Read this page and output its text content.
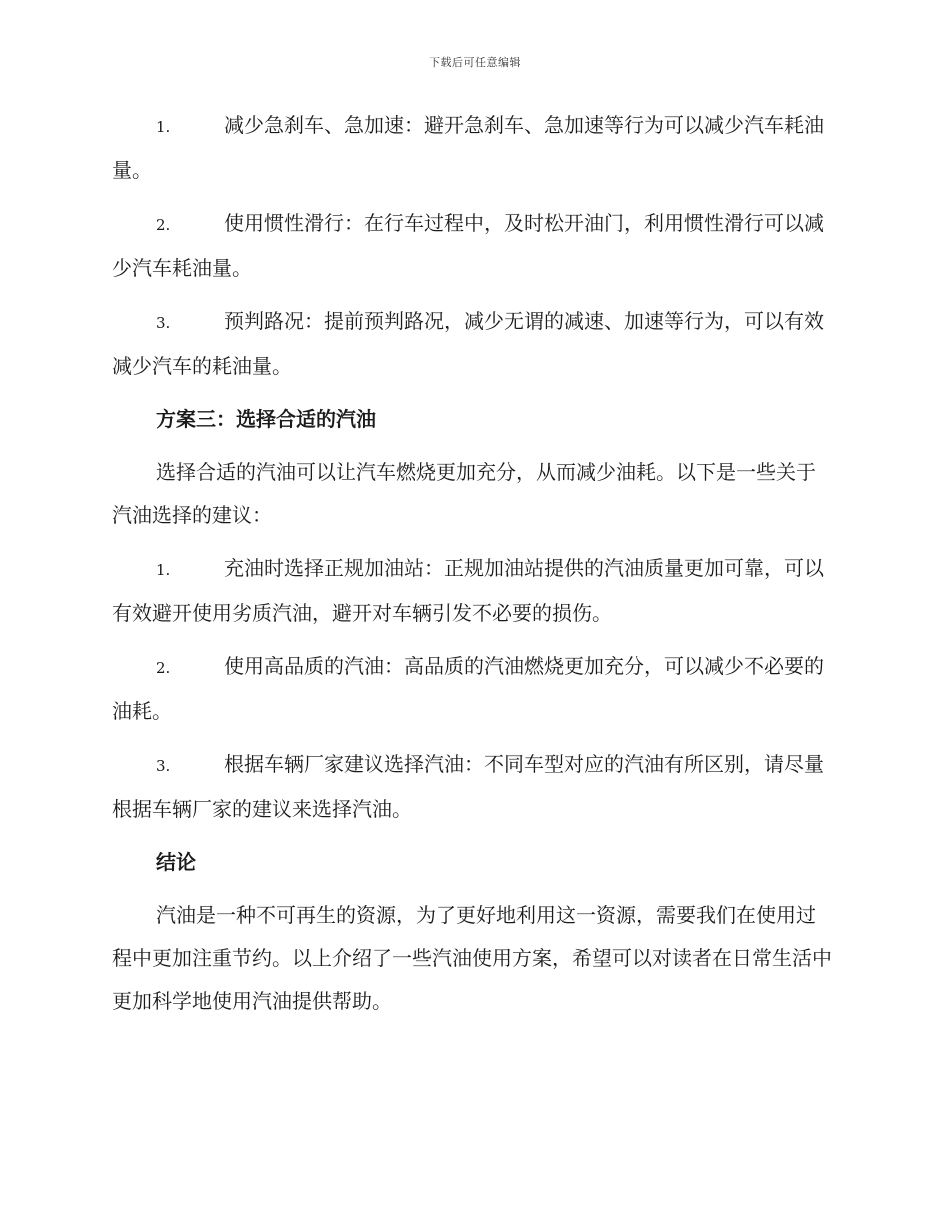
下载后可任意编辑
1.	减少急刹车、急加速：避开急刹车、急加速等行为可以减少汽车耗油量。
2.	使用惯性滑行：在行车过程中，及时松开油门，利用惯性滑行可以减少汽车耗油量。
3.	预判路况：提前预判路况，减少无谓的减速、加速等行为，可以有效减少汽车的耗油量。
方案三：选择合适的汽油
选择合适的汽油可以让汽车燃烧更加充分，从而减少油耗。以下是一些关于汽油选择的建议：
1.	充油时选择正规加油站：正规加油站提供的汽油质量更加可靠，可以有效避开使用劣质汽油，避开对车辆引发不必要的损伤。
2.	使用高品质的汽油：高品质的汽油燃烧更加充分，可以减少不必要的油耗。
3.	根据车辆厂家建议选择汽油：不同车型对应的汽油有所区别，请尽量根据车辆厂家的建议来选择汽油。
结论
汽油是一种不可再生的资源，为了更好地利用这一资源，需要我们在使用过程中更加注重节约。以上介绍了一些汽油使用方案，希望可以对读者在日常生活中更加科学地使用汽油提供帮助。
